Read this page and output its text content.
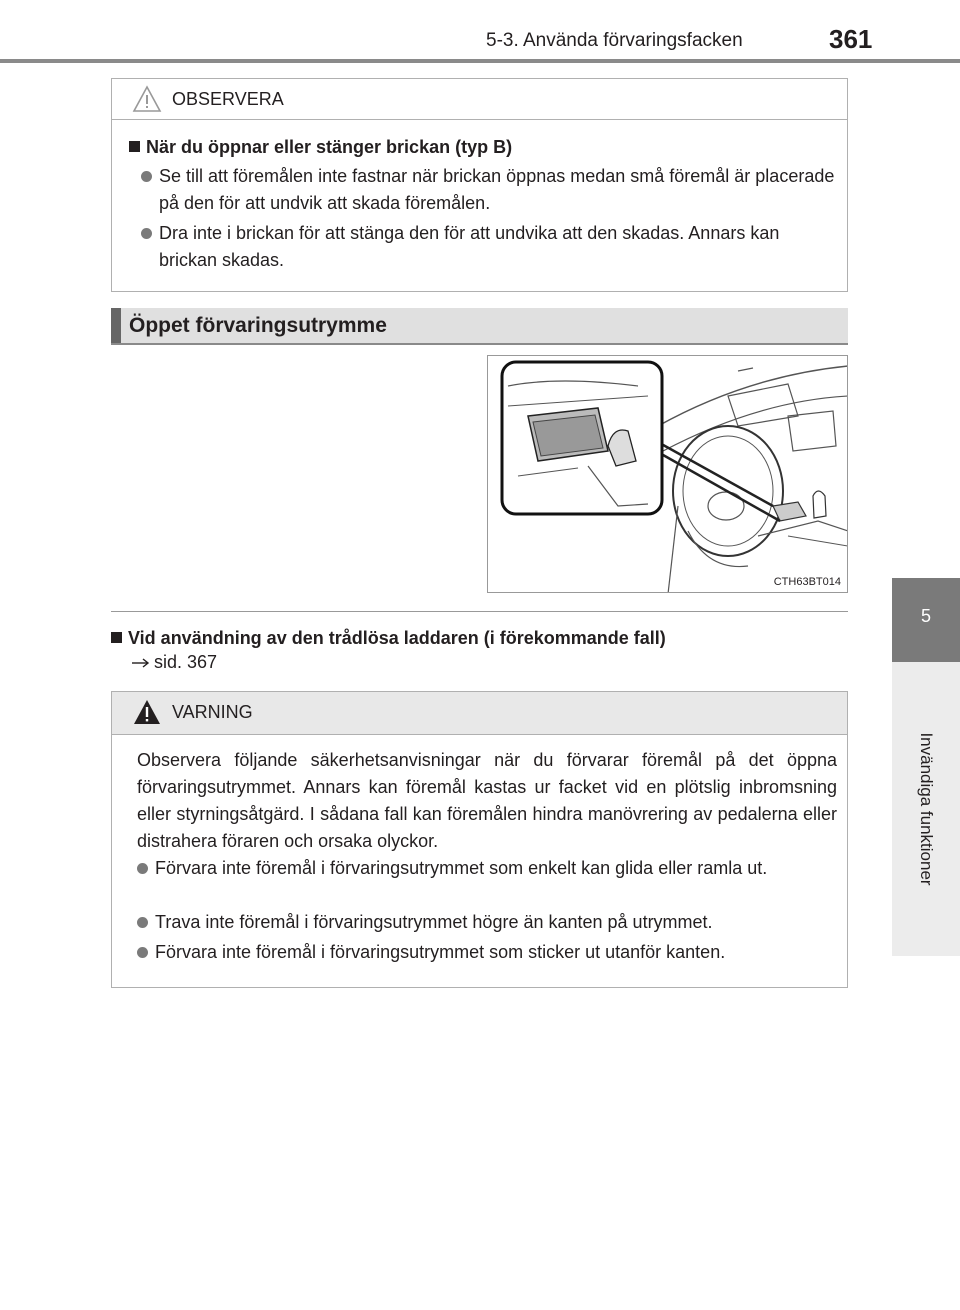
5-3. Använda förvaringsfacken	361
5
Invändiga funktioner
OBSERVERA
När du öppnar eller stänger brickan (typ B)
Se till att föremålen inte fastnar när brickan öppnas medan små föremål är placerade på den för att undvik att skada föremålen.
Dra inte i brickan för att stänga den för att undvika att den skadas. Annars kan brickan skadas.
Öppet förvaringsutrymme
CTH63BT014
Vid användning av den trådlösa laddaren (i förekommande fall)
sid. 367
VARNING
Observera följande säkerhetsanvisningar när du förvarar föremål på det öppna förvaringsutrymmet. Annars kan föremål kastas ur facket vid en plötslig inbromsning eller styrningsåtgärd. I sådana fall kan föremålen hindra manövrering av pedalerna eller distrahera föraren och orsaka olyckor.
Förvara inte föremål i förvaringsutrymmet som enkelt kan glida eller ramla ut.
Trava inte föremål i förvaringsutrymmet högre än kanten på utrymmet.
Förvara inte föremål i förvaringsutrymmet som sticker ut utanför kanten.
